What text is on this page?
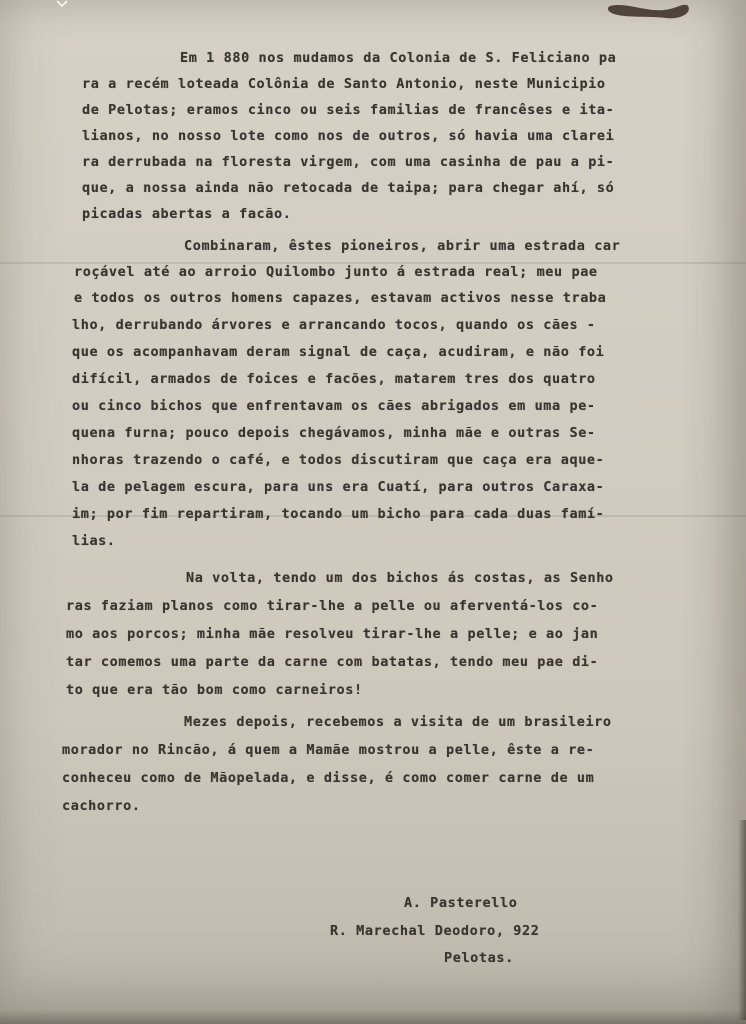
Em 1 880 nos mudamos da Colonia de S. Feliciano pa
ra a recém loteada Colônia de Santo Antonio, neste Municipio
de Pelotas; eramos cinco ou seis familias de francêses e ita-
lianos, no nosso lote como nos de outros, só havia uma clarei
ra derrubada na floresta virgem, com uma casinha de pau a pi-
que, a nossa ainda não retocada de taipa; para chegar ahí, só
picadas abertas a facão.
Combinaram, êstes pioneiros, abrir uma estrada car
roçável até ao arroio Quilombo junto á estrada real; meu pae
e todos os outros homens capazes, estavam activos nesse traba
lho, derrubando árvores e arrancando tocos, quando os cães -
que os acompanhavam deram signal de caça, acudiram, e não foi
difícil, armados de foices e facões, matarem tres dos quatro
ou cinco bichos que enfrentavam os cães abrigados em uma pe-
quena furna; pouco depois chegávamos, minha mãe e outras Se-
nhoras trazendo o café, e todos discutiram que caça era aque-
la de pelagem escura, para uns era Cuatí, para outros Caraxa-
im; por fim repartiram, tocando um bicho para cada duas famí-
lias.
Na volta, tendo um dos bichos ás costas, as Senho
ras faziam planos como tirar-lhe a pelle ou aferventá-los co-
mo aos porcos; minha mãe resolveu tirar-lhe a pelle; e ao jan
tar comemos uma parte da carne com batatas, tendo meu pae di-
to que era tão bom como carneiros!
Mezes depois, recebemos a visita de um brasileiro
morador no Rincão, á quem a Mamãe mostrou a pelle, êste a re-
conheceu como de Mãopelada, e disse, é como comer carne de um
cachorro.
A. Pasterello
R. Marechal Deodoro, 922
Pelotas.
